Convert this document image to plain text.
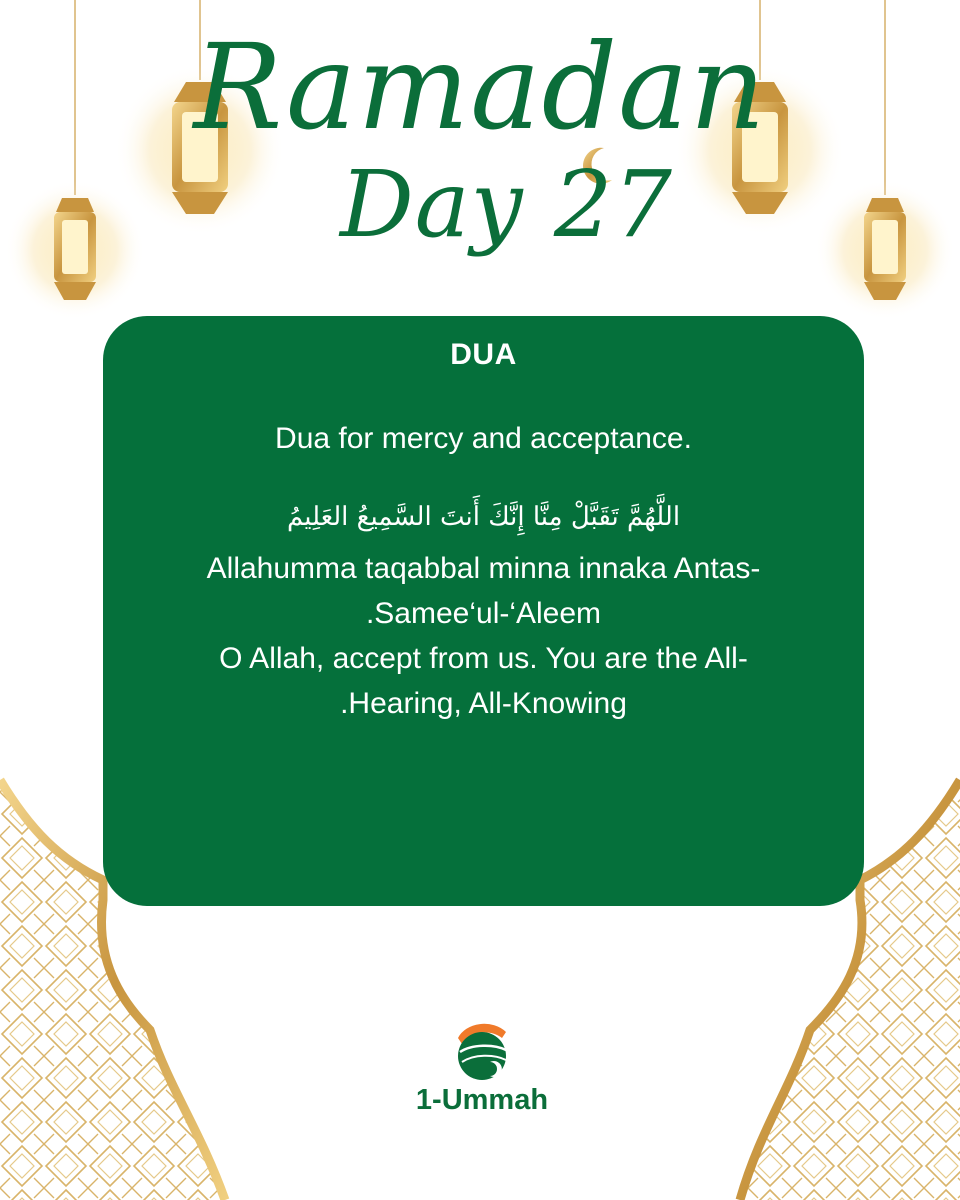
Ramadan
Day 27
DUA
Dua for mercy and acceptance.
اللَّهُمَّ تَقَبَّلْ مِنَّا إِنَّكَ أَنتَ السَّمِيعُ العَلِيمُ

Allahumma taqabbal minna innaka Antas-

.Samee‘ul-‘Aleem

O Allah, accept from us. You are the All-

.Hearing, All-Knowing

1-Ummah
